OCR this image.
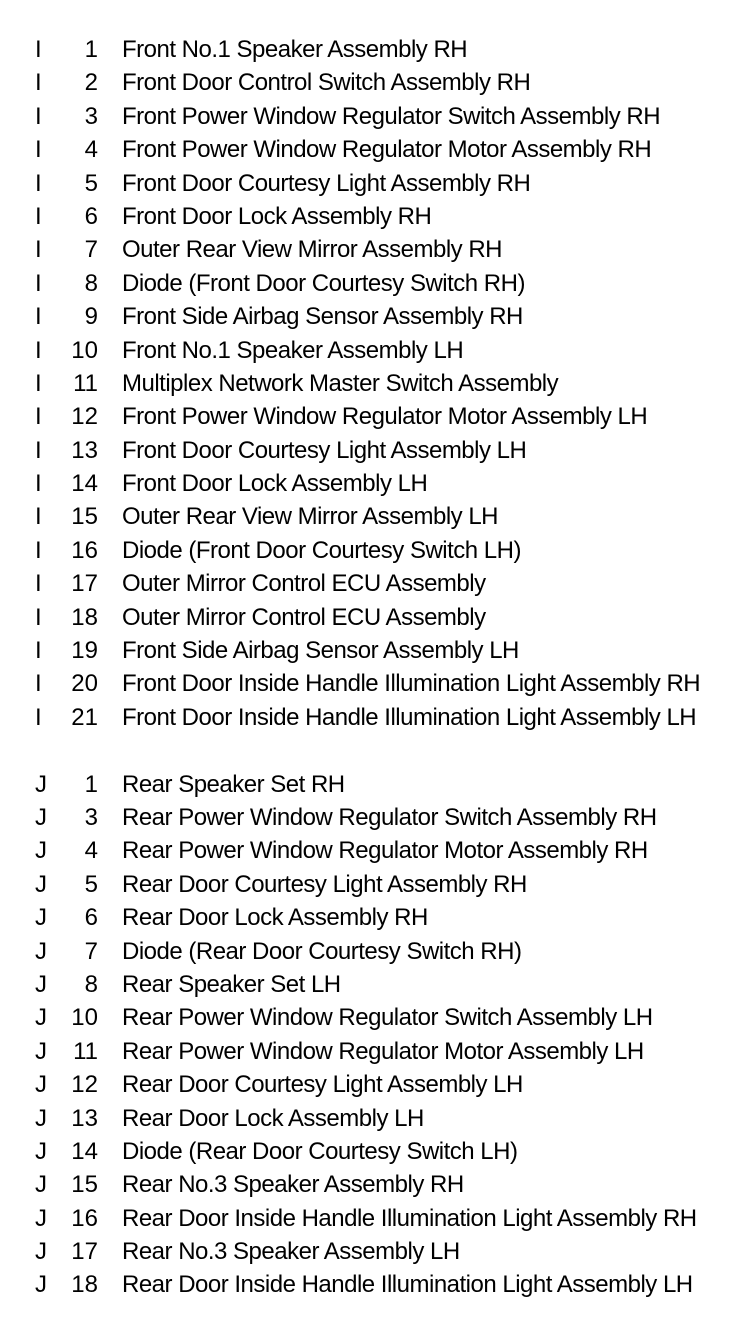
I	1 Front No.1 Speaker Assembly RH
I	2 Front Door Control Switch Assembly RH
I	3 Front Power Window Regulator Switch Assembly RH
I	4 Front Power Window Regulator Motor Assembly RH
I	5 Front Door Courtesy Light Assembly RH
I	6 Front Door Lock Assembly RH
I	7 Outer Rear View Mirror Assembly RH
I	8 Diode (Front Door Courtesy Switch RH)
I	9 Front Side Airbag Sensor Assembly RH
I	10 Front No.1 Speaker Assembly LH
I	11 Multiplex Network Master Switch Assembly
I	12 Front Power Window Regulator Motor Assembly LH
I	13 Front Door Courtesy Light Assembly LH
I	14 Front Door Lock Assembly LH
I	15 Outer Rear View Mirror Assembly LH
I	16 Diode (Front Door Courtesy Switch LH)
I	17 Outer Mirror Control ECU Assembly
I	18 Outer Mirror Control ECU Assembly
I	19 Front Side Airbag Sensor Assembly LH
I	20 Front Door Inside Handle Illumination Light Assembly RH
I	21 Front Door Inside Handle Illumination Light Assembly LH
J	1 Rear Speaker Set RH
J	3 Rear Power Window Regulator Switch Assembly RH
J	4 Rear Power Window Regulator Motor Assembly RH
J	5 Rear Door Courtesy Light Assembly RH
J	6 Rear Door Lock Assembly RH
J	7 Diode (Rear Door Courtesy Switch RH)
J	8 Rear Speaker Set LH
J	10 Rear Power Window Regulator Switch Assembly LH
J	11 Rear Power Window Regulator Motor Assembly LH
J	12 Rear Door Courtesy Light Assembly LH
J	13 Rear Door Lock Assembly LH
J	14 Diode (Rear Door Courtesy Switch LH)
J	15 Rear No.3 Speaker Assembly RH
J	16 Rear Door Inside Handle Illumination Light Assembly RH
J	17 Rear No.3 Speaker Assembly LH
J	18 Rear Door Inside Handle Illumination Light Assembly LH
